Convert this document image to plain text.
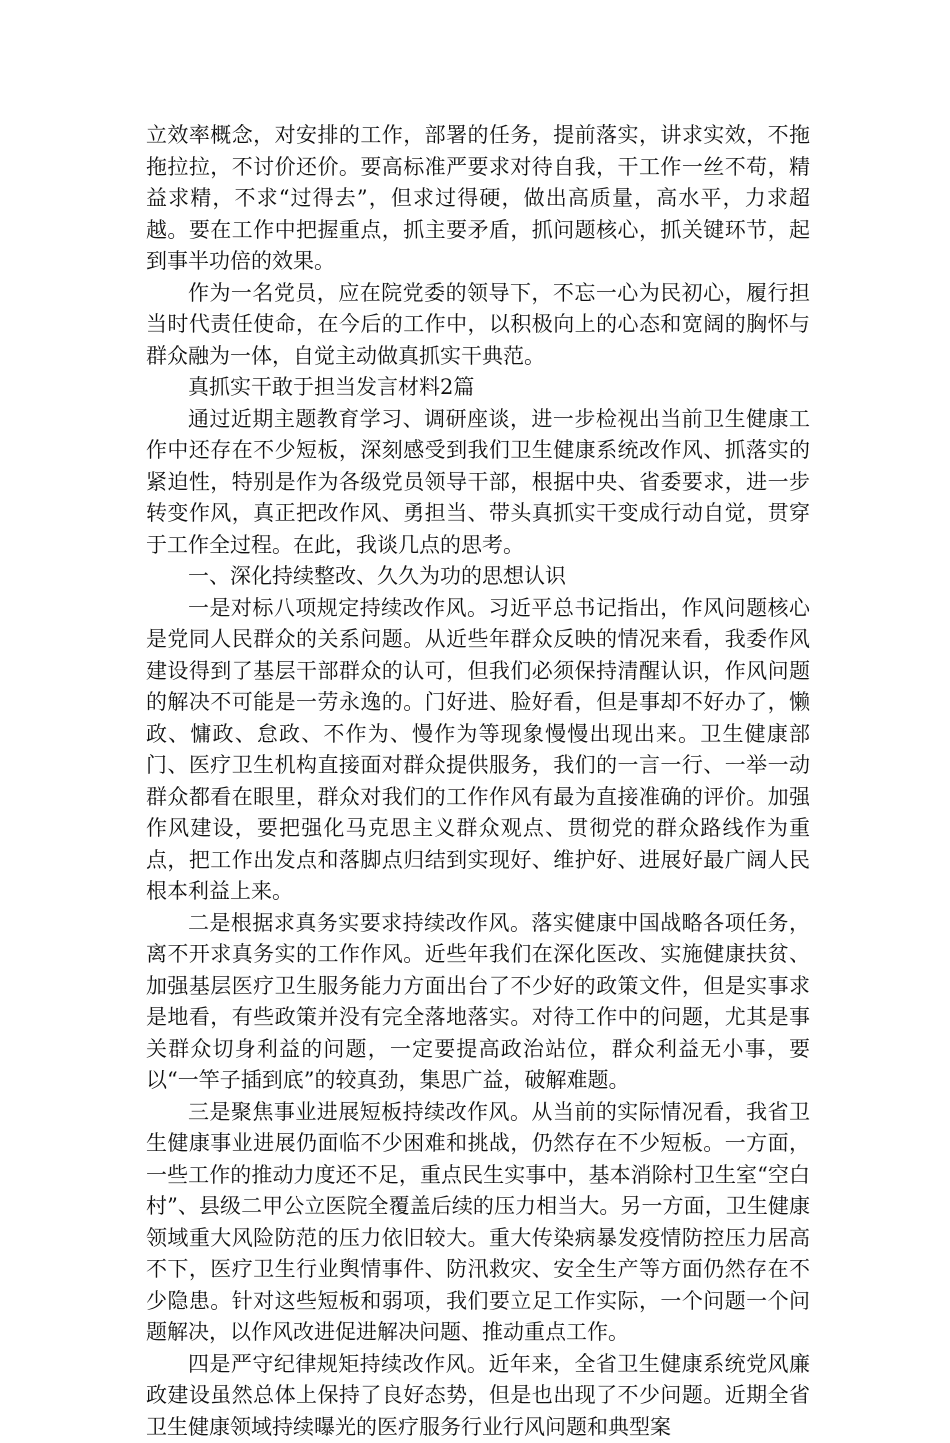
立效率概念，对安排的工作，部署的任务，提前落实，讲求实效，不拖拖拉拉，不讨价还价。要高标准严要求对待自我，干工作一丝不苟，精益求精，不求“过得去”，但求过得硬，做出高质量，高水平，力求超越。要在工作中把握重点，抓主要矛盾，抓问题核心，抓关键环节，起到事半功倍的效果。

作为一名党员，应在院党委的领导下，不忘一心为民初心，履行担当时代责任使命，在今后的工作中，以积极向上的心态和宽阔的胸怀与群众融为一体，自觉主动做真抓实干典范。

真抓实干敢于担当发言材料2篇

通过近期主题教育学习、调研座谈，进一步检视出当前卫生健康工作中还存在不少短板，深刻感受到我们卫生健康系统改作风、抓落实的紧迫性，特别是作为各级党员领导干部，根据中央、省委要求，进一步转变作风，真正把改作风、勇担当、带头真抓实干变成行动自觉，贯穿于工作全过程。在此，我谈几点的思考。

一、深化持续整改、久久为功的思想认识

一是对标八项规定持续改作风。习近平总书记指出，作风问题核心是党同人民群众的关系问题。从近些年群众反映的情况来看，我委作风建设得到了基层干部群众的认可，但我们必须保持清醒认识，作风问题的解决不可能是一劳永逸的。门好进、脸好看，但是事却不好办了，懒政、慵政、怠政、不作为、慢作为等现象慢慢出现出来。卫生健康部门、医疗卫生机构直接面对群众提供服务，我们的一言一行、一举一动群众都看在眼里，群众对我们的工作作风有最为直接准确的评价。加强作风建设，要把强化马克思主义群众观点、贯彻党的群众路线作为重点，把工作出发点和落脚点归结到实现好、维护好、进展好最广阔人民根本利益上来。

二是根据求真务实要求持续改作风。落实健康中国战略各项任务，离不开求真务实的工作作风。近些年我们在深化医改、实施健康扶贫、加强基层医疗卫生服务能力方面出台了不少好的政策文件，但是实事求是地看，有些政策并没有完全落地落实。对待工作中的问题，尤其是事关群众切身利益的问题，一定要提高政治站位，群众利益无小事，要以“一竿子插到底”的较真劲，集思广益，破解难题。

三是聚焦事业进展短板持续改作风。从当前的实际情况看，我省卫生健康事业进展仍面临不少困难和挑战，仍然存在不少短板。一方面，一些工作的推动力度还不足，重点民生实事中，基本消除村卫生室“空白村”、县级二甲公立医院全覆盖后续的压力相当大。另一方面，卫生健康领域重大风险防范的压力依旧较大。重大传染病暴发疫情防控压力居高不下，医疗卫生行业舆情事件、防汛救灾、安全生产等方面仍然存在不少隐患。针对这些短板和弱项，我们要立足工作实际，一个问题一个问题解决，以作风改进促进解决问题、推动重点工作。

四是严守纪律规矩持续改作风。近年来，全省卫生健康系统党风廉政建设虽然总体上保持了良好态势，但是也出现了不少问题。近期全省卫生健康领域持续曝光的医疗服务行业行风问题和典型案
